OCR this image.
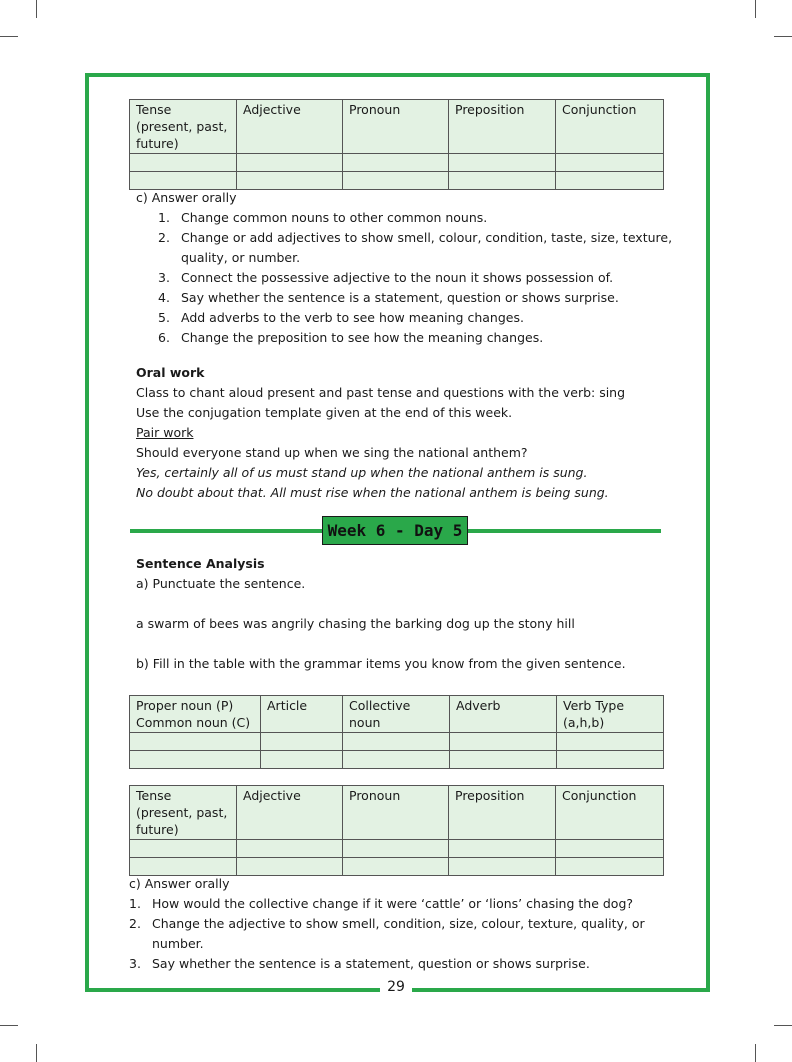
29
Tense (present, past, future)	Adjective	Pronoun	Preposition	Conjunction

c) Answer orally
1. Change common nouns to other common nouns.
2. Change or add adjectives to show smell, colour, condition, taste, size, texture,
quality, or number.
3. Connect the possessive adjective to the noun it shows possession of.
4. Say whether the sentence is a statement, question or shows surprise.
5. Add adverbs to the verb to see how meaning changes.
6. Change the preposition to see how the meaning changes.
Oral work
Class to chant aloud present and past tense and questions with the verb: sing
Use the conjugation template given at the end of this week.
Pair work
Should everyone stand up when we sing the national anthem?
Yes, certainly all of us must stand up when the national anthem is sung.
No doubt about that. All must rise when the national anthem is being sung.
Week 6 - Day 5
Sentence Analysis
a) Punctuate the sentence.
a swarm of bees was angrily chasing the barking dog up the stony hill
b) Fill in the table with the grammar items you know from the given sentence.
Proper noun (P) Common noun (C)	Article	Collective noun	Adverb	Verb Type (a,h,b)

Tense (present, past, future)	Adjective	Pronoun	Preposition	Conjunction

c) Answer orally
1. How would the collective change if it were ‘cattle’ or ‘lions’ chasing the dog?
2. Change the adjective to show smell, condition, size, colour, texture, quality, or
number.
3. Say whether the sentence is a statement, question or shows surprise.
